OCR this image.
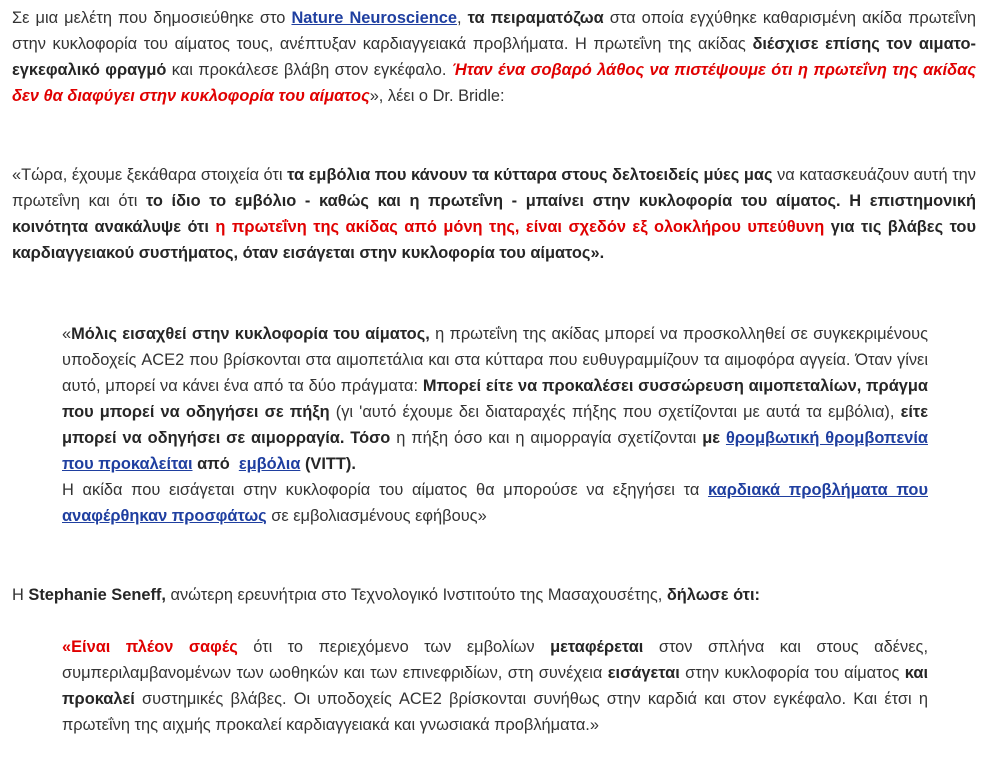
Σε μια μελέτη που δημοσιεύθηκε στο Nature Neuroscience, τα πειραματόζωα στα οποία εγχύθηκε καθαρισμένη ακίδα πρωτεΐνη στην κυκλοφορία του αίματος τους, ανέπτυξαν καρδιαγγειακά προβλήματα. Η πρωτεΐνη της ακίδας διέσχισε επίσης τον αιματο-εγκεφαλικό φραγμό και προκάλεσε βλάβη στον εγκέφαλο. Ήταν ένα σοβαρό λάθος να πιστέψουμε ότι η πρωτεΐνη της ακίδας δεν θα διαφύγει στην κυκλοφορία του αίματος», λέει ο Dr. Bridle:

«Τώρα, έχουμε ξεκάθαρα στοιχεία ότι τα εμβόλια που κάνουν τα κύτταρα στους δελτοειδείς μύες μας να κατασκευάζουν αυτή την πρωτεΐνη και ότι το ίδιο το εμβόλιο - καθώς και η πρωτεΐνη - μπαίνει στην κυκλοφορία του αίματος. Η επιστημονική κοινότητα ανακάλυψε ότι η πρωτεΐνη της ακίδας από μόνη της, είναι σχεδόν εξ ολοκλήρου υπεύθυνη για τις βλάβες του καρδιαγγειακού συστήματος, όταν εισάγεται στην κυκλοφορία του αίματος».

«Μόλις εισαχθεί στην κυκλοφορία του αίματος, η πρωτεΐνη της ακίδας μπορεί να προσκολληθεί σε συγκεκριμένους υποδοχείς ACE2 που βρίσκονται στα αιμοπετάλια και στα κύτταρα που ευθυγραμμίζουν τα αιμοφόρα αγγεία. Όταν γίνει αυτό, μπορεί να κάνει ένα από τα δύο πράγματα: Μπορεί είτε να προκαλέσει συσσώρευση αιμοπεταλίων, πράγμα που μπορεί να οδηγήσει σε πήξη (γι 'αυτό έχουμε δει διαταραχές πήξης που σχετίζονται με αυτά τα εμβόλια), είτε μπορεί να οδηγήσει σε αιμορραγία. Τόσο η πήξη όσο και η αιμορραγία σχετίζονται με θρομβωτική θρομβοπενία που προκαλείται από  εμβόλια (VITT).
Η ακίδα που εισάγεται στην κυκλοφορία του αίματος θα μπορούσε να εξηγήσει τα καρδιακά προβλήματα που αναφέρθηκαν προσφάτως σε εμβολιασμένους εφήβους»

Η Stephanie Seneff, ανώτερη ερευνήτρια στο Τεχνολογικό Ινστιτούτο της Μασαχουσέτης, δήλωσε ότι:

«Είναι πλέον σαφές ότι το περιεχόμενο των εμβολίων μεταφέρεται στον σπλήνα και στους αδένες, συμπεριλαμβανομένων των ωοθηκών και των επινεφριδίων, στη συνέχεια εισάγεται στην κυκλοφορία του αίματος και προκαλεί συστημικές βλάβες. Οι υποδοχείς ACE2 βρίσκονται συνήθως στην καρδιά και στον εγκέφαλο. Και έτσι η πρωτεΐνη της αιχμής προκαλεί καρδιαγγειακά και γνωσιακά προβλήματα.»
